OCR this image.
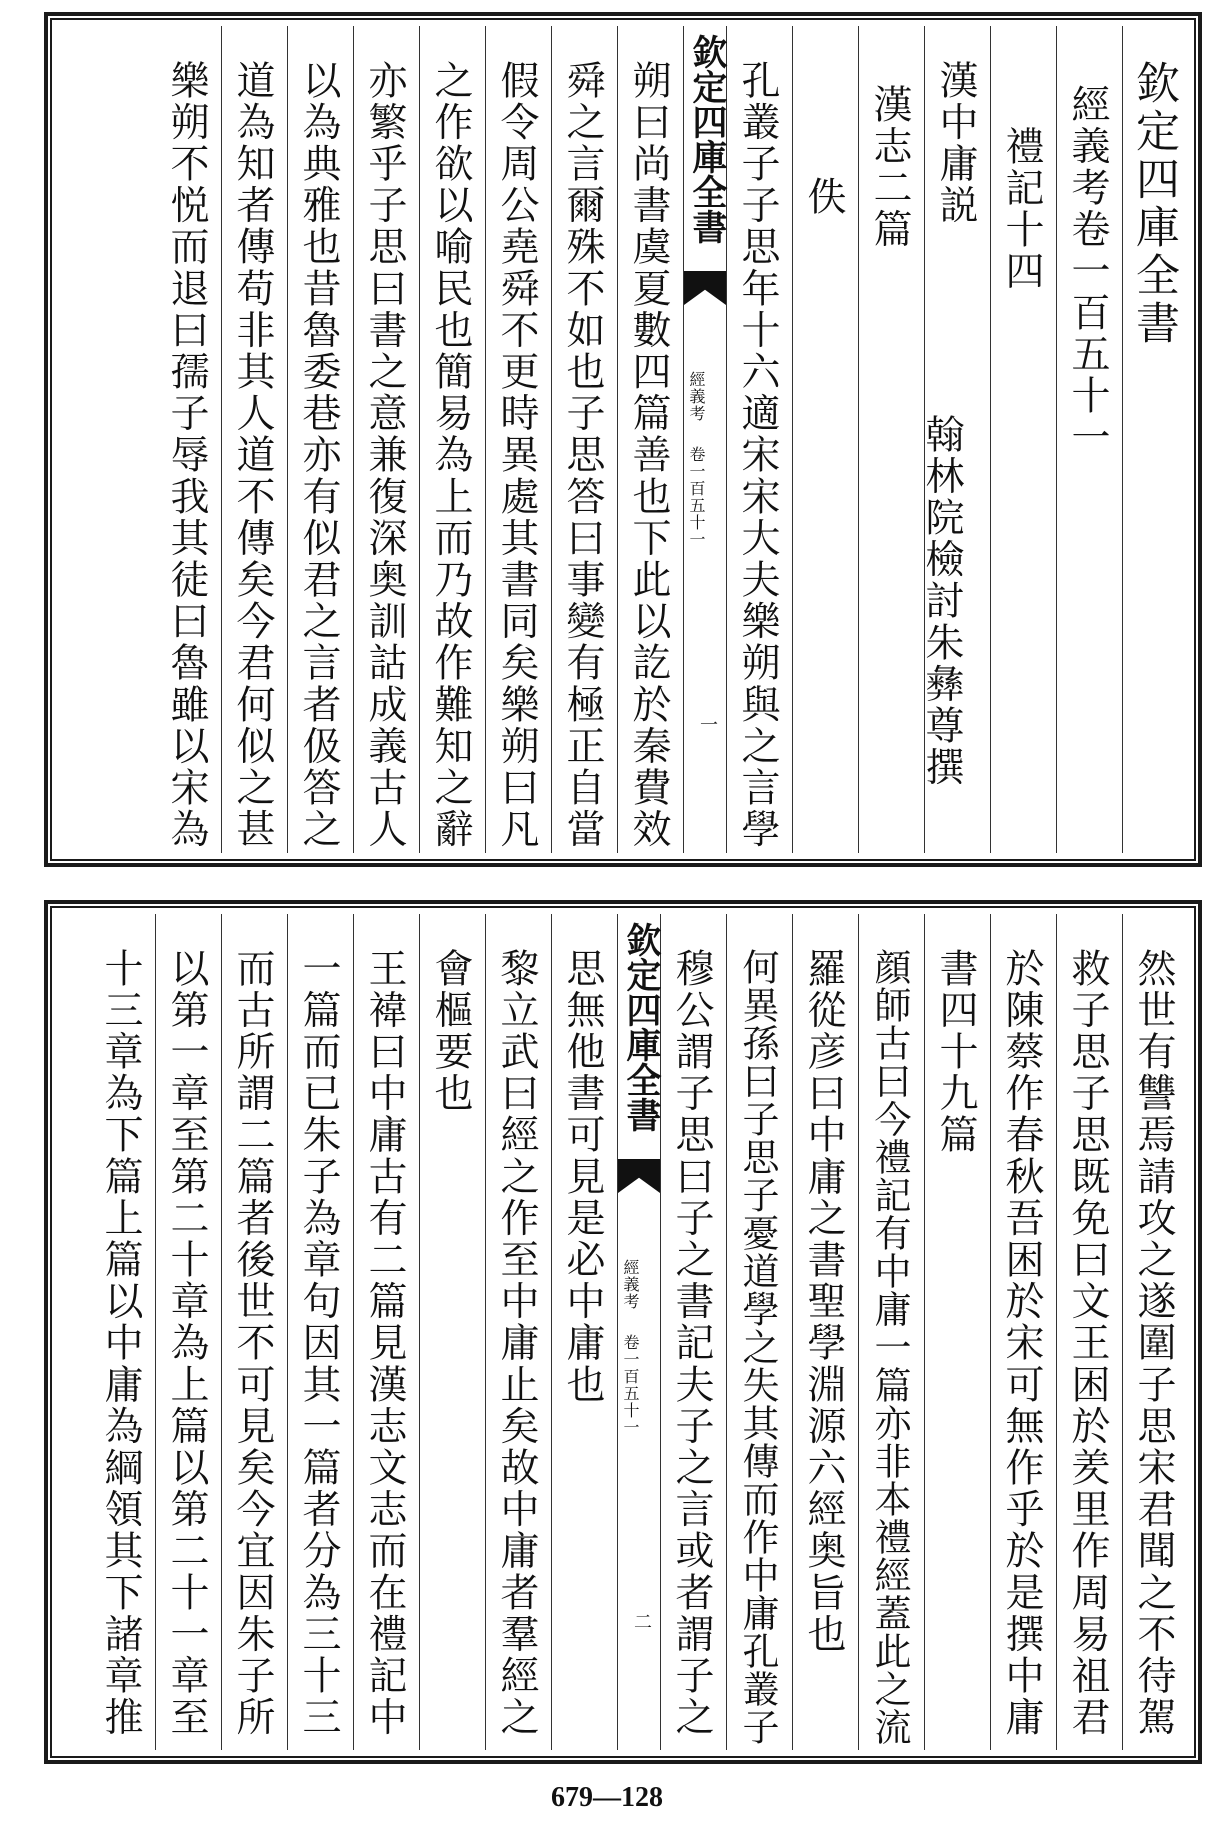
欽定四庫全書
經義考卷一百五十一
禮記十四
漢中庸説
漢志二篇
佚
孔叢子子思年十六適宋宋大夫樂朔與之言學
欽定四庫全書
經義考
卷一百五十一
一
朔曰尚書虞夏數四篇善也下此以訖於秦費效
舜之言爾殊不如也子思答曰事變有極正自當
假令周公堯舜不更時異處其書同矣樂朔曰凡
之作欲以喻民也簡易為上而乃故作難知之辭
亦繁乎子思曰書之意兼復深奥訓詁成義古人
以為典雅也昔魯委巷亦有似君之言者伋答之
道為知者傳苟非其人道不傳矣今君何似之甚
樂朔不悦而退曰孺子辱我其徒曰魯雖以宋為
翰林院檢討朱彝尊撰
然世有讐焉請攻之遂圍子思宋君聞之不待駕
救子思子思既免曰文王困於羑里作周易祖君
於陳蔡作春秋吾困於宋可無作乎於是撰中庸
書四十九篇
顔師古曰今禮記有中庸一篇亦非本禮經蓋此之流
羅從彦曰中庸之書聖學淵源六經奥旨也
何異孫曰子思子憂道學之失其傳而作中庸孔叢子
穆公謂子思曰子之書記夫子之言或者謂子之
欽定四庫全書
經義考
卷一百五十一
二
思無他書可見是必中庸也
黎立武曰經之作至中庸止矣故中庸者羣經之
會樞要也
王褘曰中庸古有二篇見漢志文志而在禮記中
一篇而已朱子為章句因其一篇者分為三十三
而古所謂二篇者後世不可見矣今宜因朱子所
以第一章至第二十章為上篇以第二十一章至
十三章為下篇上篇以中庸為綱領其下諸章推
679—128
